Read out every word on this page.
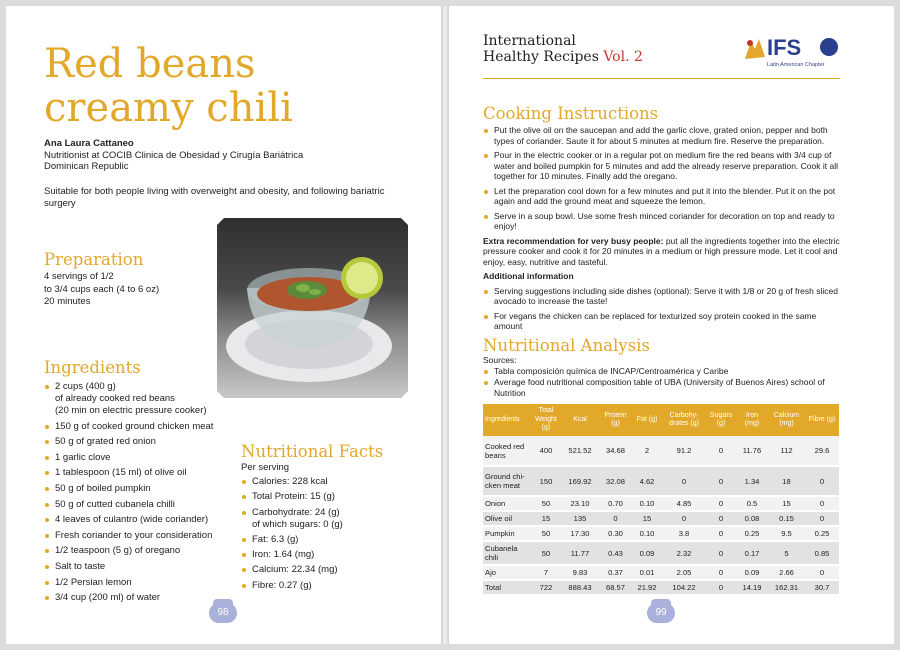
Red beans
creamy chili
Ana Laura Cattaneo
Nutritionist at COCIB Clinica de Obesidad y Cirugía Bariátrica
Dominican Republic

Suitable for both people living with overweight and obesity, and following bariatric surgery

Preparation
4 servings of 1/2
to 3/4 cups each (4 to 6 oz)
20 minutes
Ingredients
2 cups (400 g)
of already cooked red beans
(20 min on electric pressure cooker)
150 g of cooked ground chicken meat
50 g of grated red onion
1 garlic clove
1 tablespoon (15 ml) of olive oil
50 g of boiled pumpkin
50 g of cutted cubanela chilli
4 leaves of culantro (wide coriander)
Fresh coriander to your consideration
1/2 teaspoon (5 g) of oregano
Salt to taste
1/2 Persian lemon
3/4 cup (200 ml) of water
Nutritional Facts
Per serving
Calories: 228 kcal
Total Protein: 15 (g)
Carbohydrate: 24 (g)
of which sugars: 0 (g)
Fat: 6.3 (g)
Iron: 1.64 (mg)
Calcium: 22.34 (mg)
Fibre: 0.27 (g)
98
International
Healthy Recipes Vol. 2	IFS
Latin American Chapter
Cooking Instructions
Put the olive oil on the saucepan and add the garlic clove, grated onion, pepper and both types of coriander. Saute it for about 5 minutes at medium fire. Reserve the preparation.
Pour in the electric cooker or in a regular pot on medium fire the red beans with 3/4 cup of water and boiled pumpkin for 5 minutes and add the already reserve preparation. Cook it all together for 10 minutes. Finally add the oregano.
Let the preparation cool down for a few minutes and put it into the blender. Put it on the pot again and add the ground meat and squeeze the lemon.
Serve in a soup bowl. Use some fresh minced coriander for decoration on top and ready to enjoy!

Extra recommendation for very busy people: put all the ingredients together into the electric pressure cooker and cook it for 20 minutes in a medium or high pressure mode. Let it cool and enjoy, easy, nutritive and tasteful.

Additional information

Serving suggestions including side dishes (optional): Serve it with 1/8 or 20 g of fresh sliced avocado to increase the taste!
For vegans the chicken can be replaced for texturized soy protein cooked in the same amount
Nutritional Analysis
Sources:
Tabla composición química de INCAP/Centroamérica y Caribe
Average food nutritional composition table of UBA (University of Buenos Aires) school of Nutrition
Ingredients	Total Weight (g)	Kcal	Protein (g)	Fat (g)	Carbohy-drates (g)	Sugars (g)	Iron (mg)	Calcium (mg)	Fibre (g)
Cooked red beans	400	521.52	34.68	2	91.2	0	11.76	112	29.6
Ground chi-cken meat	150	169.92	32.08	4.62	0	0	1.34	18	0
Onion	50	23.10	0.70	0.10	4.85	0	0.5	15	0
Olive oil	15	135	0	15	0	0	0.08	0.15	0
Pumpkin	50	17.30	0.30	0.10	3.8	0	0.25	9.5	0.25
Cubanela chili	50	11.77	0.43	0.09	2.32	0	0.17	5	0.85
Ajo	7	9.83	0.37	0.01	2.05	0	0.09	2.66	0
Total	722	888.43	68.57	21.92	104.22	0	14.19	162.31	30.7
99
